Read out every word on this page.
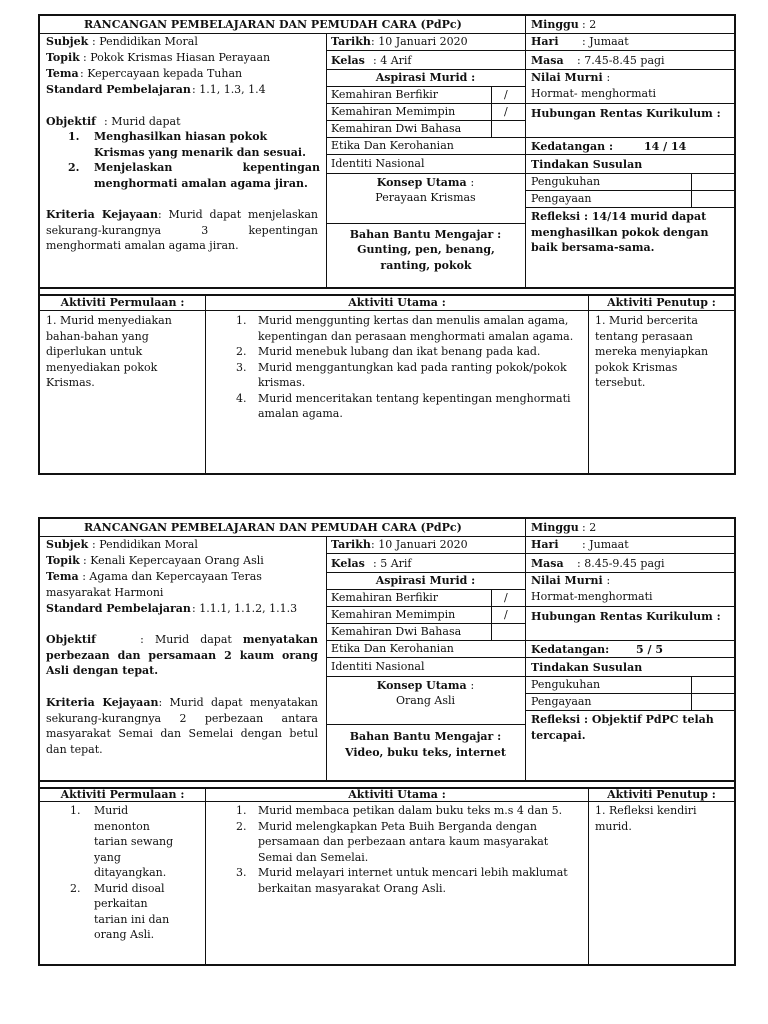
RANCANGAN PEMBELAJARAN DAN PEMUDAH CARA (PdPc)	Minggu : 2
Subjek : Pendidikan Moral
Topik : Pokok Krismas Hiasan Perayaan
Tema : Kepercayaan kepada Tuhan
Standard Pembelajaran : 1.1, 1.3, 1.4
Objektif : Murid dapat
1.	Menghasilkan hiasan pokok Krismas yang menarik dan sesuai.
2.	Menjelaskan kepentingan menghormati amalan agama jiran.
Kriteria Kejayaan: Murid dapat menjelaskan sekurang-kurangnya 3 kepentingan menghormati amalan agama jiran.
Tarikh : 10 Januari 2020
Kelas : 4 Arif
Aspirasi Murid :
Kemahiran Berfikir	/
Kemahiran Memimpin	/
Kemahiran Dwi Bahasa
Etika Dan Kerohanian
Identiti Nasional
Konsep Utama :
Perayaan Krismas
Bahan Bantu Mengajar :
Gunting, pen, benang, ranting, pokok
Hari : Jumaat
Masa : 7.45-8.45 pagi
Nilai Murni :
Hormat- menghormati
Hubungan Rentas Kurikulum :
Kedatangan :	14 / 14
Tindakan Susulan
Pengukuhan
Pengayaan
Refleksi : 14/14 murid dapat menghasilkan pokok dengan baik bersama-sama.
Aktiviti Permulaan :	Aktiviti Utama :	Aktiviti Penutup :
1. Murid menyediakan bahan-bahan yang diperlukan untuk menyediakan pokok Krismas.
1.	Murid menggunting kertas dan menulis amalan agama, kepentingan dan perasaan menghormati amalan agama.
2.	Murid menebuk lubang dan ikat benang pada kad.
3.	Murid menggantungkan kad pada ranting pokok/pokok krismas.
4.	Murid menceritakan tentang kepentingan menghormati amalan agama.
1. Murid bercerita tentang perasaan mereka menyiapkan pokok Krismas tersebut.
RANCANGAN PEMBELAJARAN DAN PEMUDAH CARA (PdPc)	Minggu : 2
Subjek : Pendidikan Moral
Topik : Kenali Kepercayaan Orang Asli
Tema : Agama dan Kepercayaan Teras masyarakat Harmoni
Standard Pembelajaran : 1.1.1, 1.1.2, 1.1.3
Objektif	: Murid dapat menyatakan perbezaan dan persamaan 2 kaum orang Asli dengan tepat.
Kriteria Kejayaan: Murid dapat menyatakan sekurang-kurangnya 2 perbezaan antara masyarakat Semai dan Semelai dengan betul dan tepat.
Tarikh : 10 Januari 2020
Kelas : 5 Arif
Aspirasi Murid :
Kemahiran Berfikir	/
Kemahiran Memimpin	/
Kemahiran Dwi Bahasa
Etika Dan Kerohanian
Identiti Nasional
Konsep Utama :
Orang Asli
Bahan Bantu Mengajar :
Video, buku teks, internet
Hari : Jumaat
Masa : 8.45-9.45 pagi
Nilai Murni :
Hormat-menghormati
Hubungan Rentas Kurikulum :
Kedatangan: 5 / 5
Tindakan Susulan
Pengukuhan
Pengayaan
Refleksi : Objektif PdPC telah tercapai.
Aktiviti Permulaan :	Aktiviti Utama :	Aktiviti Penutup :
1.	Murid menonton tarian sewang yang ditayangkan.
2.	Murid disoal perkaitan tarian ini dan orang Asli.
1.	Murid membaca petikan dalam buku teks m.s 4 dan 5.
2.	Murid melengkapkan Peta Buih Berganda dengan persamaan dan perbezaan antara kaum masyarakat Semai dan Semelai.
3.	Murid melayari internet untuk mencari lebih maklumat berkaitan masyarakat Orang Asli.
1. Refleksi kendiri murid.
